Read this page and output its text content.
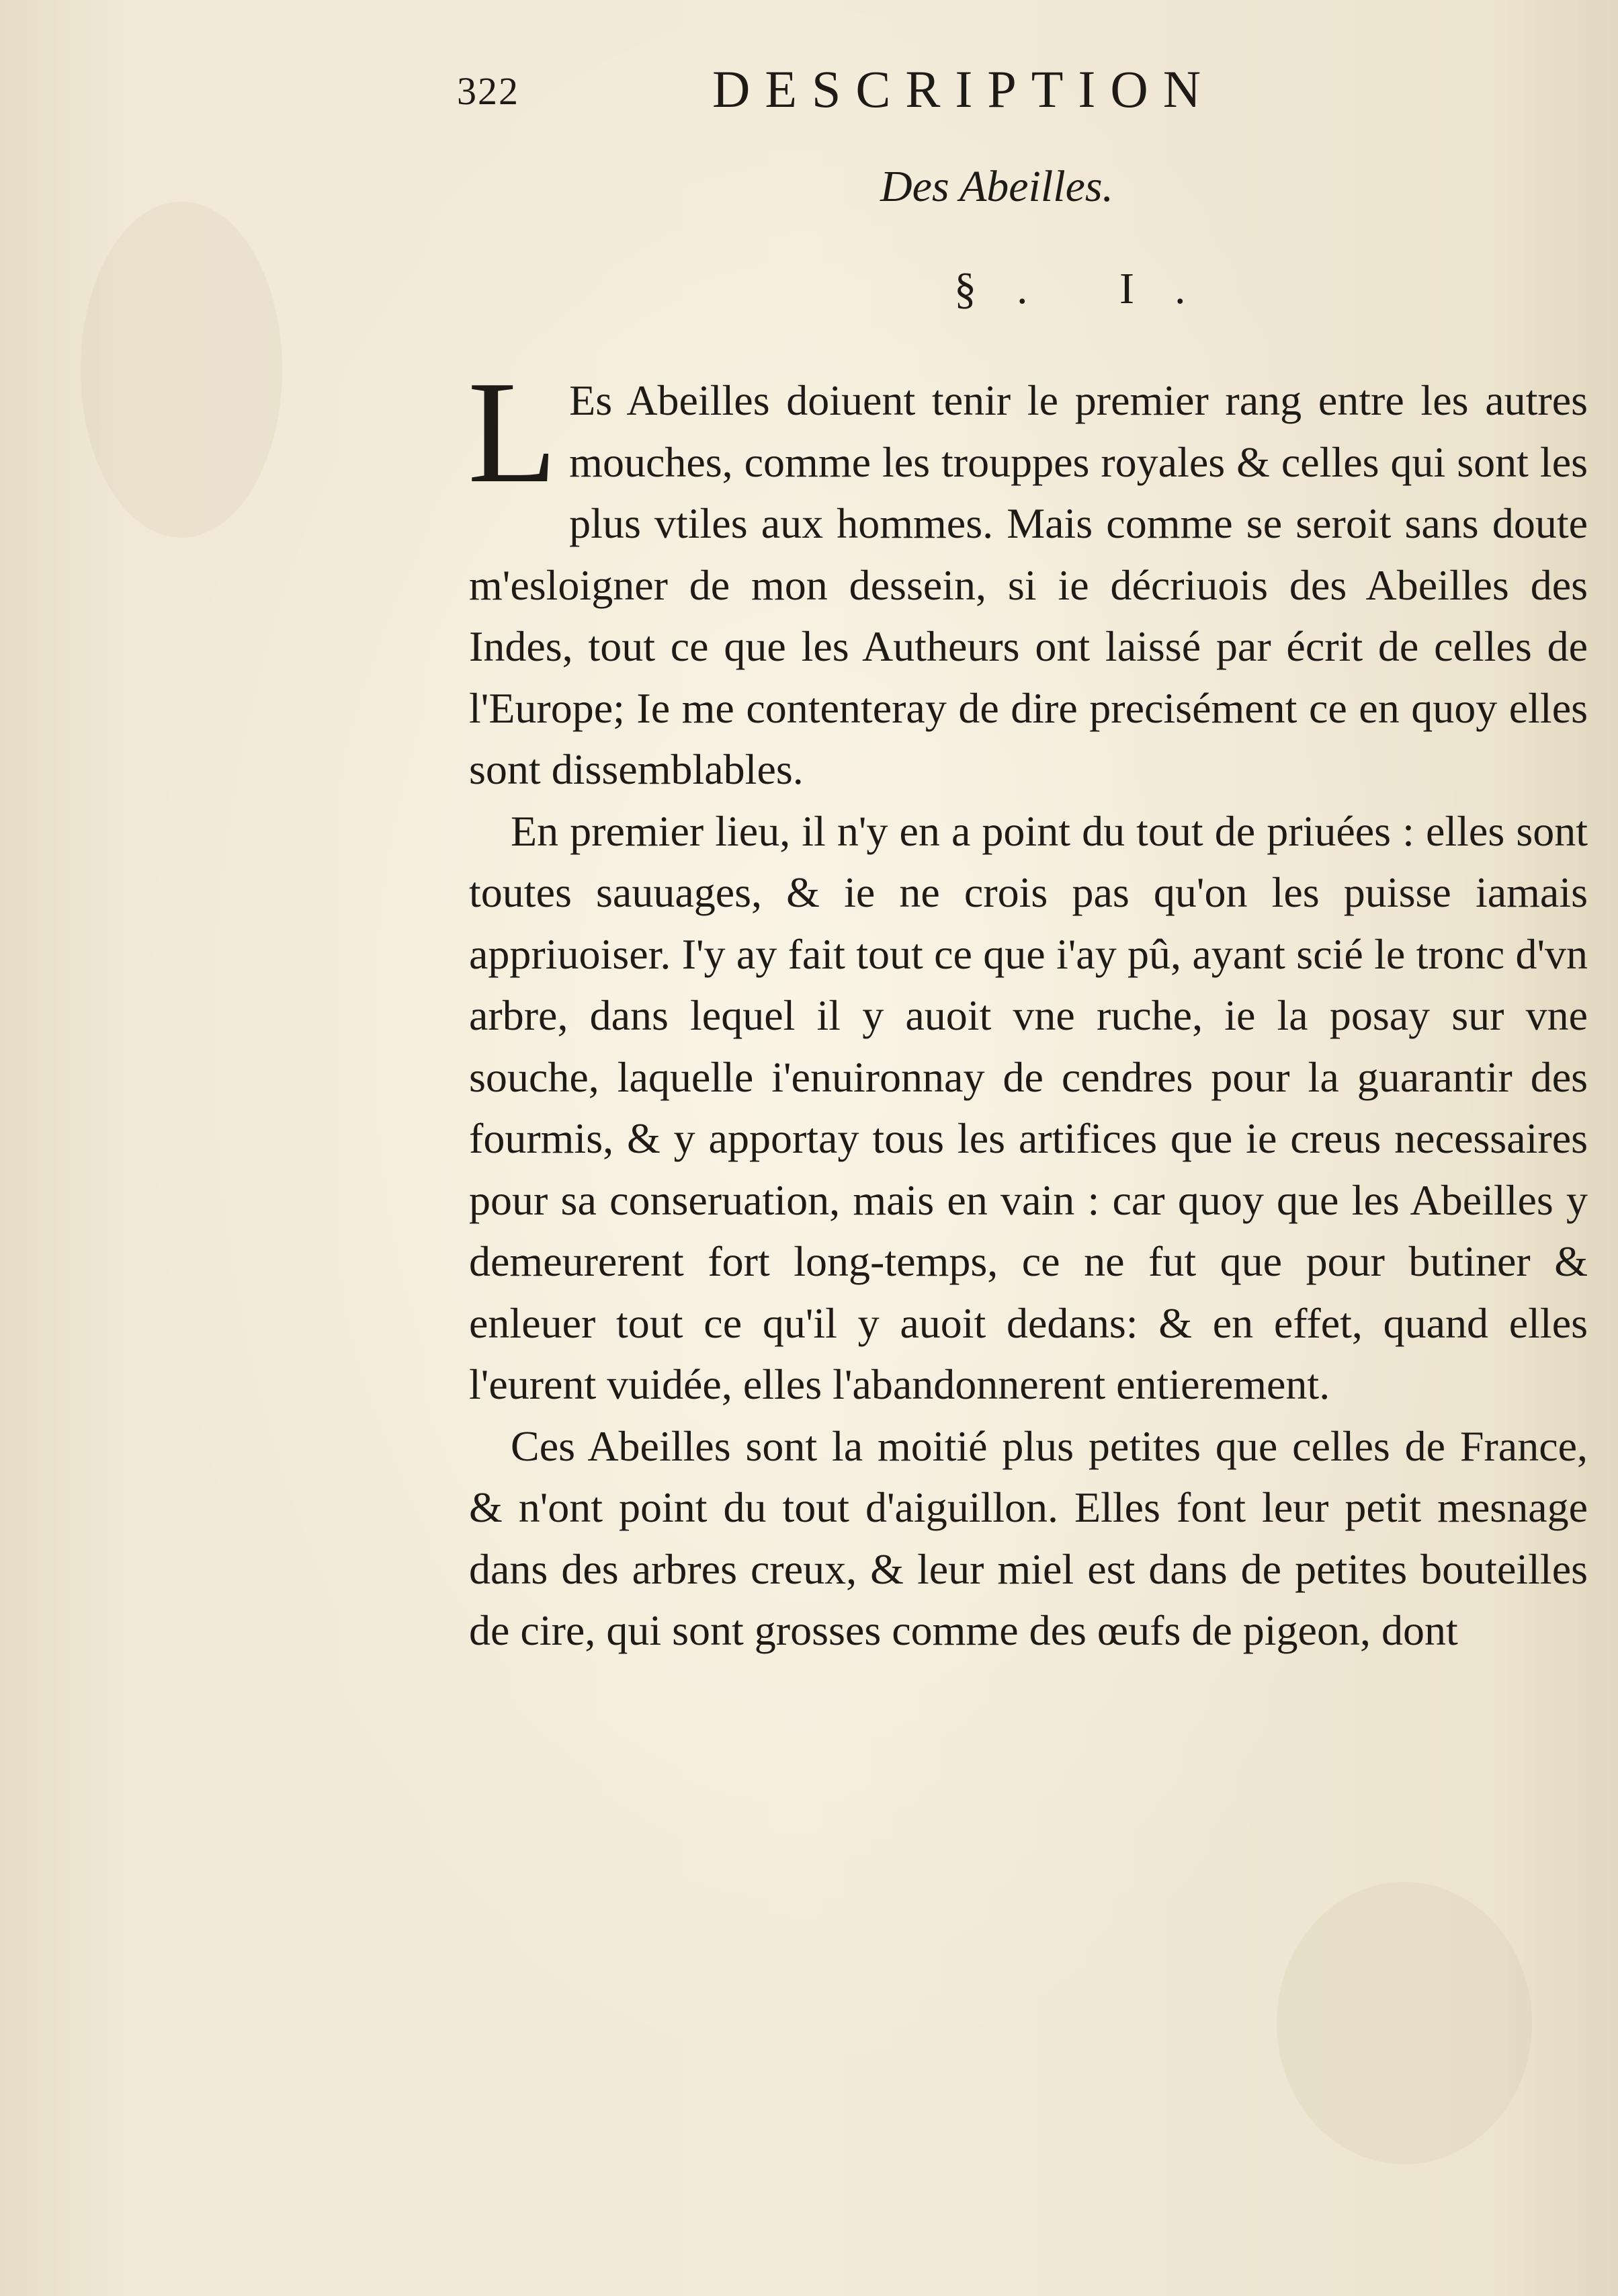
322	DESCRIPTION
Des Abeilles.
§. I.

L Es Abeilles doiuent tenir le premier rang entre les autres mouches, comme les trouppes royales & celles qui sont les plus vtiles aux hommes. Mais comme se seroit sans doute m'esloigner de mon dessein, si ie décriuois des Abeilles des Indes, tout ce que les Autheurs ont laissé par écrit de celles de l'Europe; Ie me contenteray de dire precisément ce en quoy elles sont dissemblables.

En premier lieu, il n'y en a point du tout de priuées : elles sont toutes sauuages, & ie ne crois pas qu'on les puisse iamais appriuoiser. I'y ay fait tout ce que i'ay pû, ayant scié le tronc d'vn arbre, dans lequel il y auoit vne ruche, ie la posay sur vne souche, laquelle i'enuironnay de cendres pour la guarantir des fourmis, & y apportay tous les artifices que ie creus necessaires pour sa conseruation, mais en vain : car quoy que les Abeilles y demeurerent fort long-temps, ce ne fut que pour butiner & enleuer tout ce qu'il y auoit dedans: & en effet, quand elles l'eurent vuidée, elles l'abandonnerent entierement.

Ces Abeilles sont la moitié plus petites que celles de France, & n'ont point du tout d'aiguillon. Elles font leur petit mesnage dans des arbres creux, & leur miel est dans de petites bouteilles de cire, qui sont grosses comme des œufs de pigeon, dont
